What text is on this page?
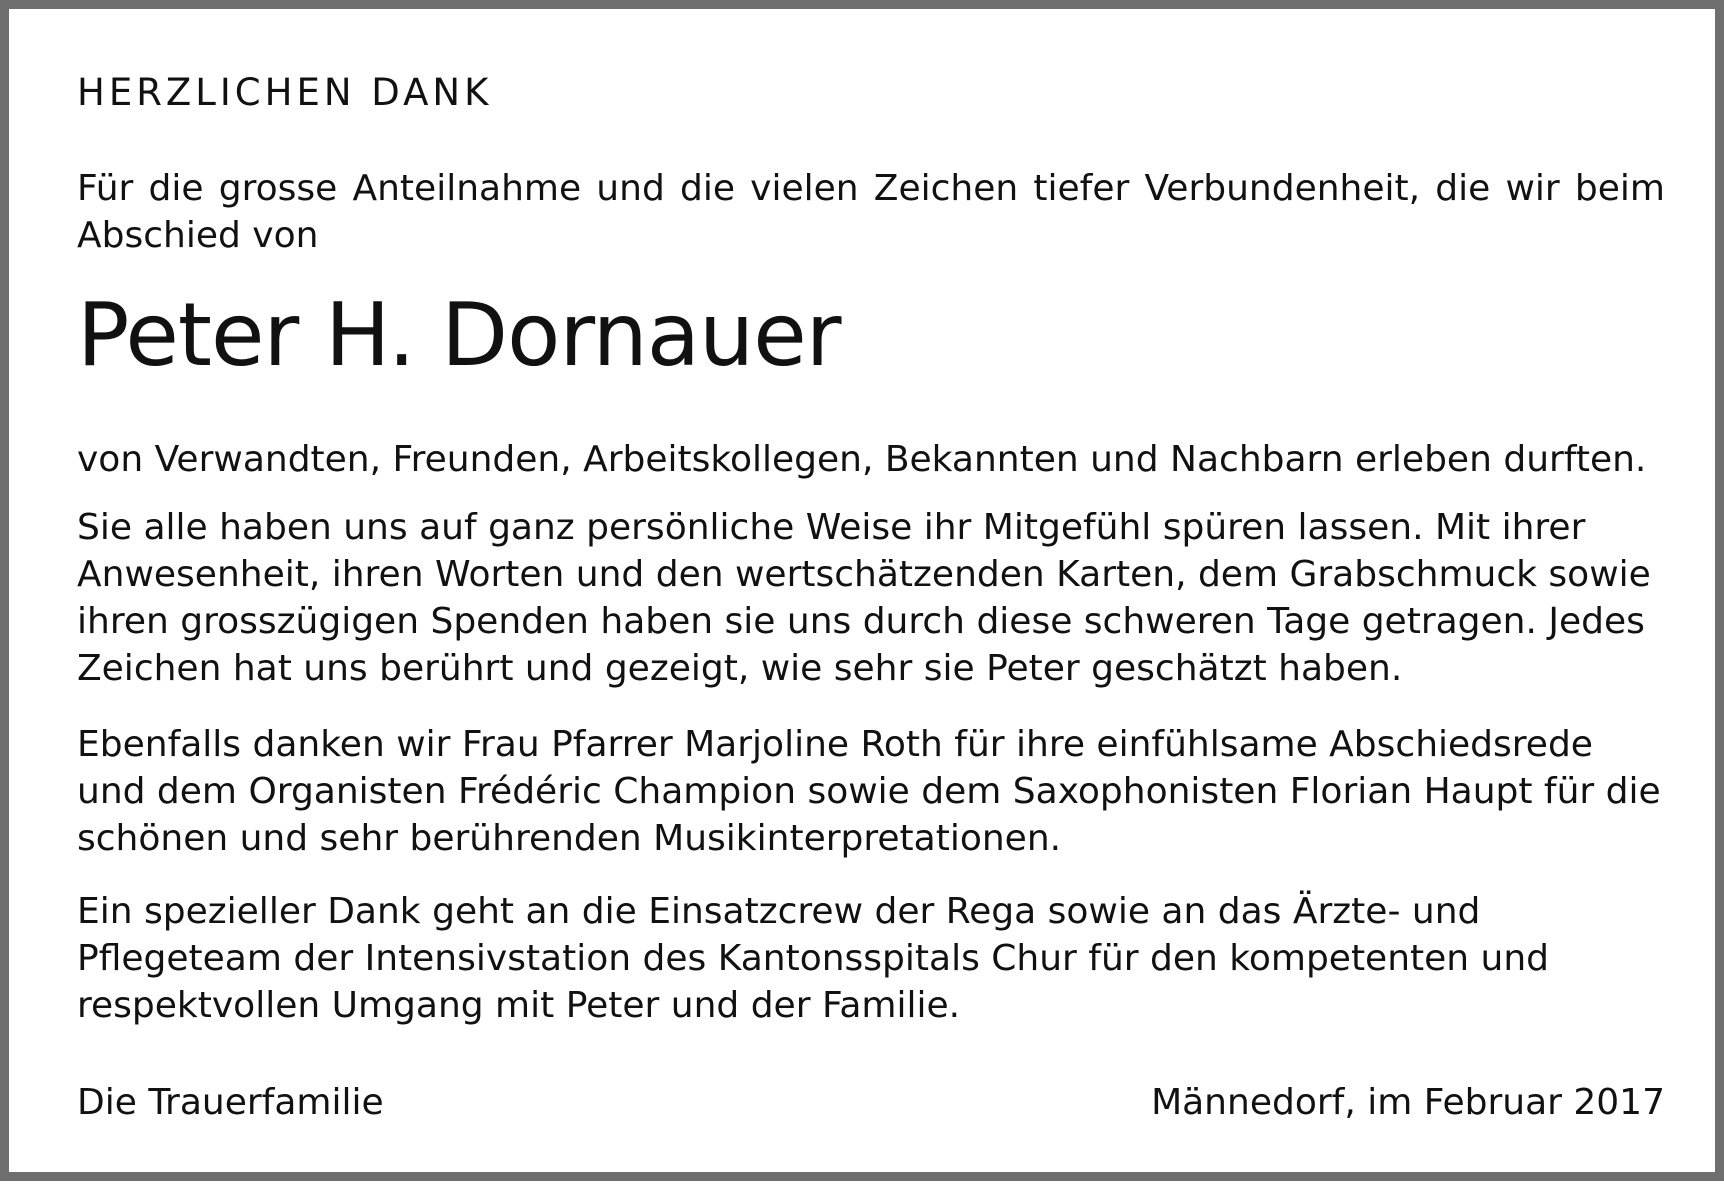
HERZLICHEN DANK

Für die grosse Anteilnahme und die vielen Zeichen tiefer Verbundenheit, die wir beim Abschied von

Peter H. Dornauer

von Verwandten, Freunden, Arbeitskollegen, Bekannten und Nachbarn erleben durften.

Sie alle haben uns auf ganz persönliche Weise ihr Mitgefühl spüren lassen. Mit ihrer Anwesenheit, ihren Worten und den wertschätzenden Karten, dem Grabschmuck sowie ihren grosszügigen Spenden haben sie uns durch diese schweren Tage getragen. Jedes Zeichen hat uns berührt und gezeigt, wie sehr sie Peter geschätzt haben.

Ebenfalls danken wir Frau Pfarrer Marjoline Roth für ihre einfühlsame Abschiedsrede und dem Organisten Frédéric Champion sowie dem Saxophonisten Florian Haupt für die schönen und sehr berührenden Musikinterpretationen.

Ein spezieller Dank geht an die Einsatzcrew der Rega sowie an das Ärzte- und Pflegeteam der Intensivstation des Kantonsspitals Chur für den kompetenten und respektvollen Umgang mit Peter und der Familie.

Die Trauerfamilie	Männedorf, im Februar 2017
